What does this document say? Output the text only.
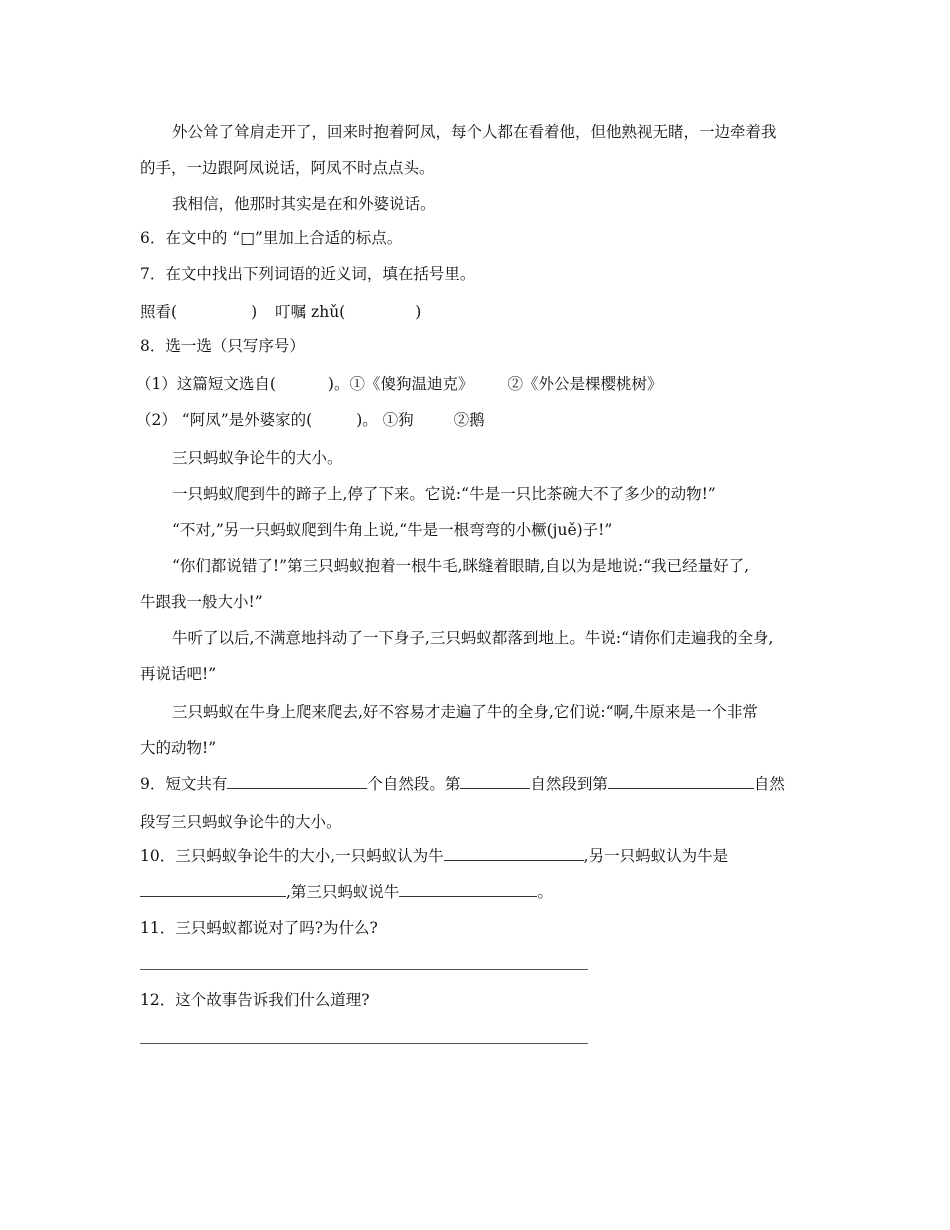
外公耸了耸肩走开了，回来时抱着阿凤，每个人都在看着他，但他熟视无睹，一边牵着我
的手，一边跟阿凤说话，阿凤不时点点头。
我相信，他那时其实是在和外婆说话。
6．在文中的 “□”里加上合适的标点。
7．在文中找出下列词语的近义词，填在括号里。
照看(	) 叮嘱 zhǔ(	)
8．选一选（只写序号）
（1）这篇短文选自(	)。①《傻狗温迪克》 ②《外公是棵樱桃树》
（2） “阿凤”是外婆家的(	)。 ①狗	②鹅
三只蚂蚁争论牛的大小。
一只蚂蚁爬到牛的蹄子上,停了下来。它说:“牛是一只比茶碗大不了多少的动物!”
“不对,”另一只蚂蚁爬到牛角上说,“牛是一根弯弯的小橛(juě)子!”
“你们都说错了!”第三只蚂蚁抱着一根牛毛,眯缝着眼睛,自以为是地说:“我已经量好了,
牛跟我一般大小!”
牛听了以后,不满意地抖动了一下身子,三只蚂蚁都落到地上。牛说:“请你们走遍我的全身,
再说话吧!”
三只蚂蚁在牛身上爬来爬去,好不容易才走遍了牛的全身,它们说:“啊,牛原来是一个非常
大的动物!”
9．短文共有	个自然段。第	自然段到第	自然
段写三只蚂蚁争论牛的大小。
10．三只蚂蚁争论牛的大小,一只蚂蚁认为牛	,另一只蚂蚁认为牛是
,第三只蚂蚁说牛	。
11．三只蚂蚁都说对了吗?为什么?
12．这个故事告诉我们什么道理?
